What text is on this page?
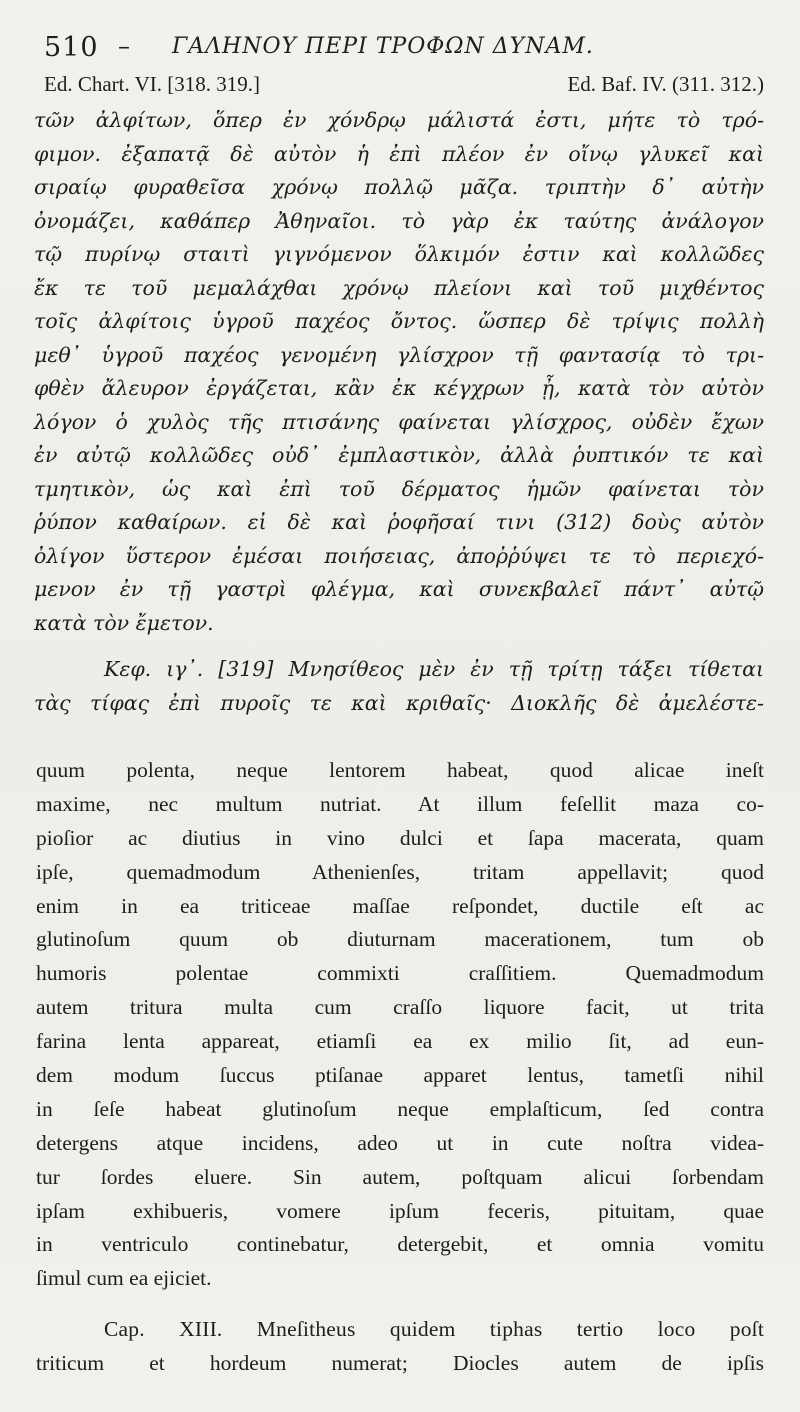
510 – ΓΑΛΗΝΟΥ ΠΕΡΙ ΤΡΟΦΩΝ ΔΥΝΑΜ.
Ed. Chart. VI. [318. 319.]	Ed. Baf. IV. (311. 312.)
τῶν ἀλφίτων, ὅπερ ἐν χόνδρῳ μάλιστά ἐστι, μήτε τὸ τρό-
φιμον. ἐξαπατᾷ δὲ αὐτὸν ἡ ἐπὶ πλέον ἐν οἴνῳ γλυκεῖ καὶ
σιραίῳ φυραθεῖσα χρόνῳ πολλῷ μᾶζα. τριπτὴν δ᾽ αὐτὴν
ὀνομάζει, καθάπερ Ἀθηναῖοι. τὸ γὰρ ἐκ ταύτης ἀνάλογον
τῷ πυρίνῳ σταιτὶ γιγνόμενον ὅλκιμόν ἐστιν καὶ κολλῶδες
ἔκ τε τοῦ μεμαλάχθαι χρόνῳ πλείονι καὶ τοῦ μιχθέντος
τοῖς ἀλφίτοις ὑγροῦ παχέος ὄντος. ὥσπερ δὲ τρίψις πολλὴ
μεθ᾽ ὑγροῦ παχέος γενομένη γλίσχρον τῇ φαντασίᾳ τὸ τρι-
φθὲν ἄλευρον ἐργάζεται, κἂν ἐκ κέγχρων ᾖ, κατὰ τὸν αὐτὸν
λόγον ὁ χυλὸς τῆς πτισάνης φαίνεται γλίσχρος, οὐδὲν ἔχων
ἐν αὐτῷ κολλῶδες οὐδ᾽ ἐμπλαστικὸν, ἀλλὰ ῥυπτικόν τε καὶ
τμητικὸν, ὡς καὶ ἐπὶ τοῦ δέρματος ἡμῶν φαίνεται τὸν
ῥύπον καθαίρων. εἰ δὲ καὶ ῥοφῆσαί τινι (312) δοὺς αὐτὸν
ὀλίγον ὕστερον ἐμέσαι ποιήσειας, ἀποῤῥύψει τε τὸ περιεχό-
μενον ἐν τῇ γαστρὶ φλέγμα, καὶ συνεκβαλεῖ πάντ᾽ αὐτῷ
κατὰ τὸν ἔμετον.
Κεφ. ιγ᾽. [319] Μνησίθεος μὲν ἐν τῇ τρίτῃ τάξει τίθεται
τὰς τίφας ἐπὶ πυροῖς τε καὶ κριθαῖς· Διοκλῆς δὲ ἀμελέστε-
quum polenta, neque lentorem habeat, quod alicae ineſt
maxime, nec multum nutriat. At illum feſellit maza co-
pioſior ac diutius in vino dulci et ſapa macerata, quam
ipſe, quemadmodum Athenienſes, tritam appellavit; quod
enim in ea triticeae maſſae reſpondet, ductile eſt ac
glutinoſum quum ob diuturnam macerationem, tum ob
humoris polentae commixti craſſitiem. Quemadmodum
autem tritura multa cum craſſo liquore facit, ut trita
farina lenta appareat, etiamſi ea ex milio ſit, ad eun-
dem modum ſuccus ptiſanae apparet lentus, tametſi nihil
in ſeſe habeat glutinoſum neque emplaſticum, ſed contra
detergens atque incidens, adeo ut in cute noſtra videa-
tur ſordes eluere. Sin autem, poſtquam alicui ſorbendam
ipſam exhibueris, vomere ipſum feceris, pituitam, quae
in ventriculo continebatur, detergebit, et omnia vomitu
ſimul cum ea ejiciet.
Cap. XIII. Mneſitheus quidem tiphas tertio loco poſt
triticum et hordeum numerat; Diocles autem de ipſis
